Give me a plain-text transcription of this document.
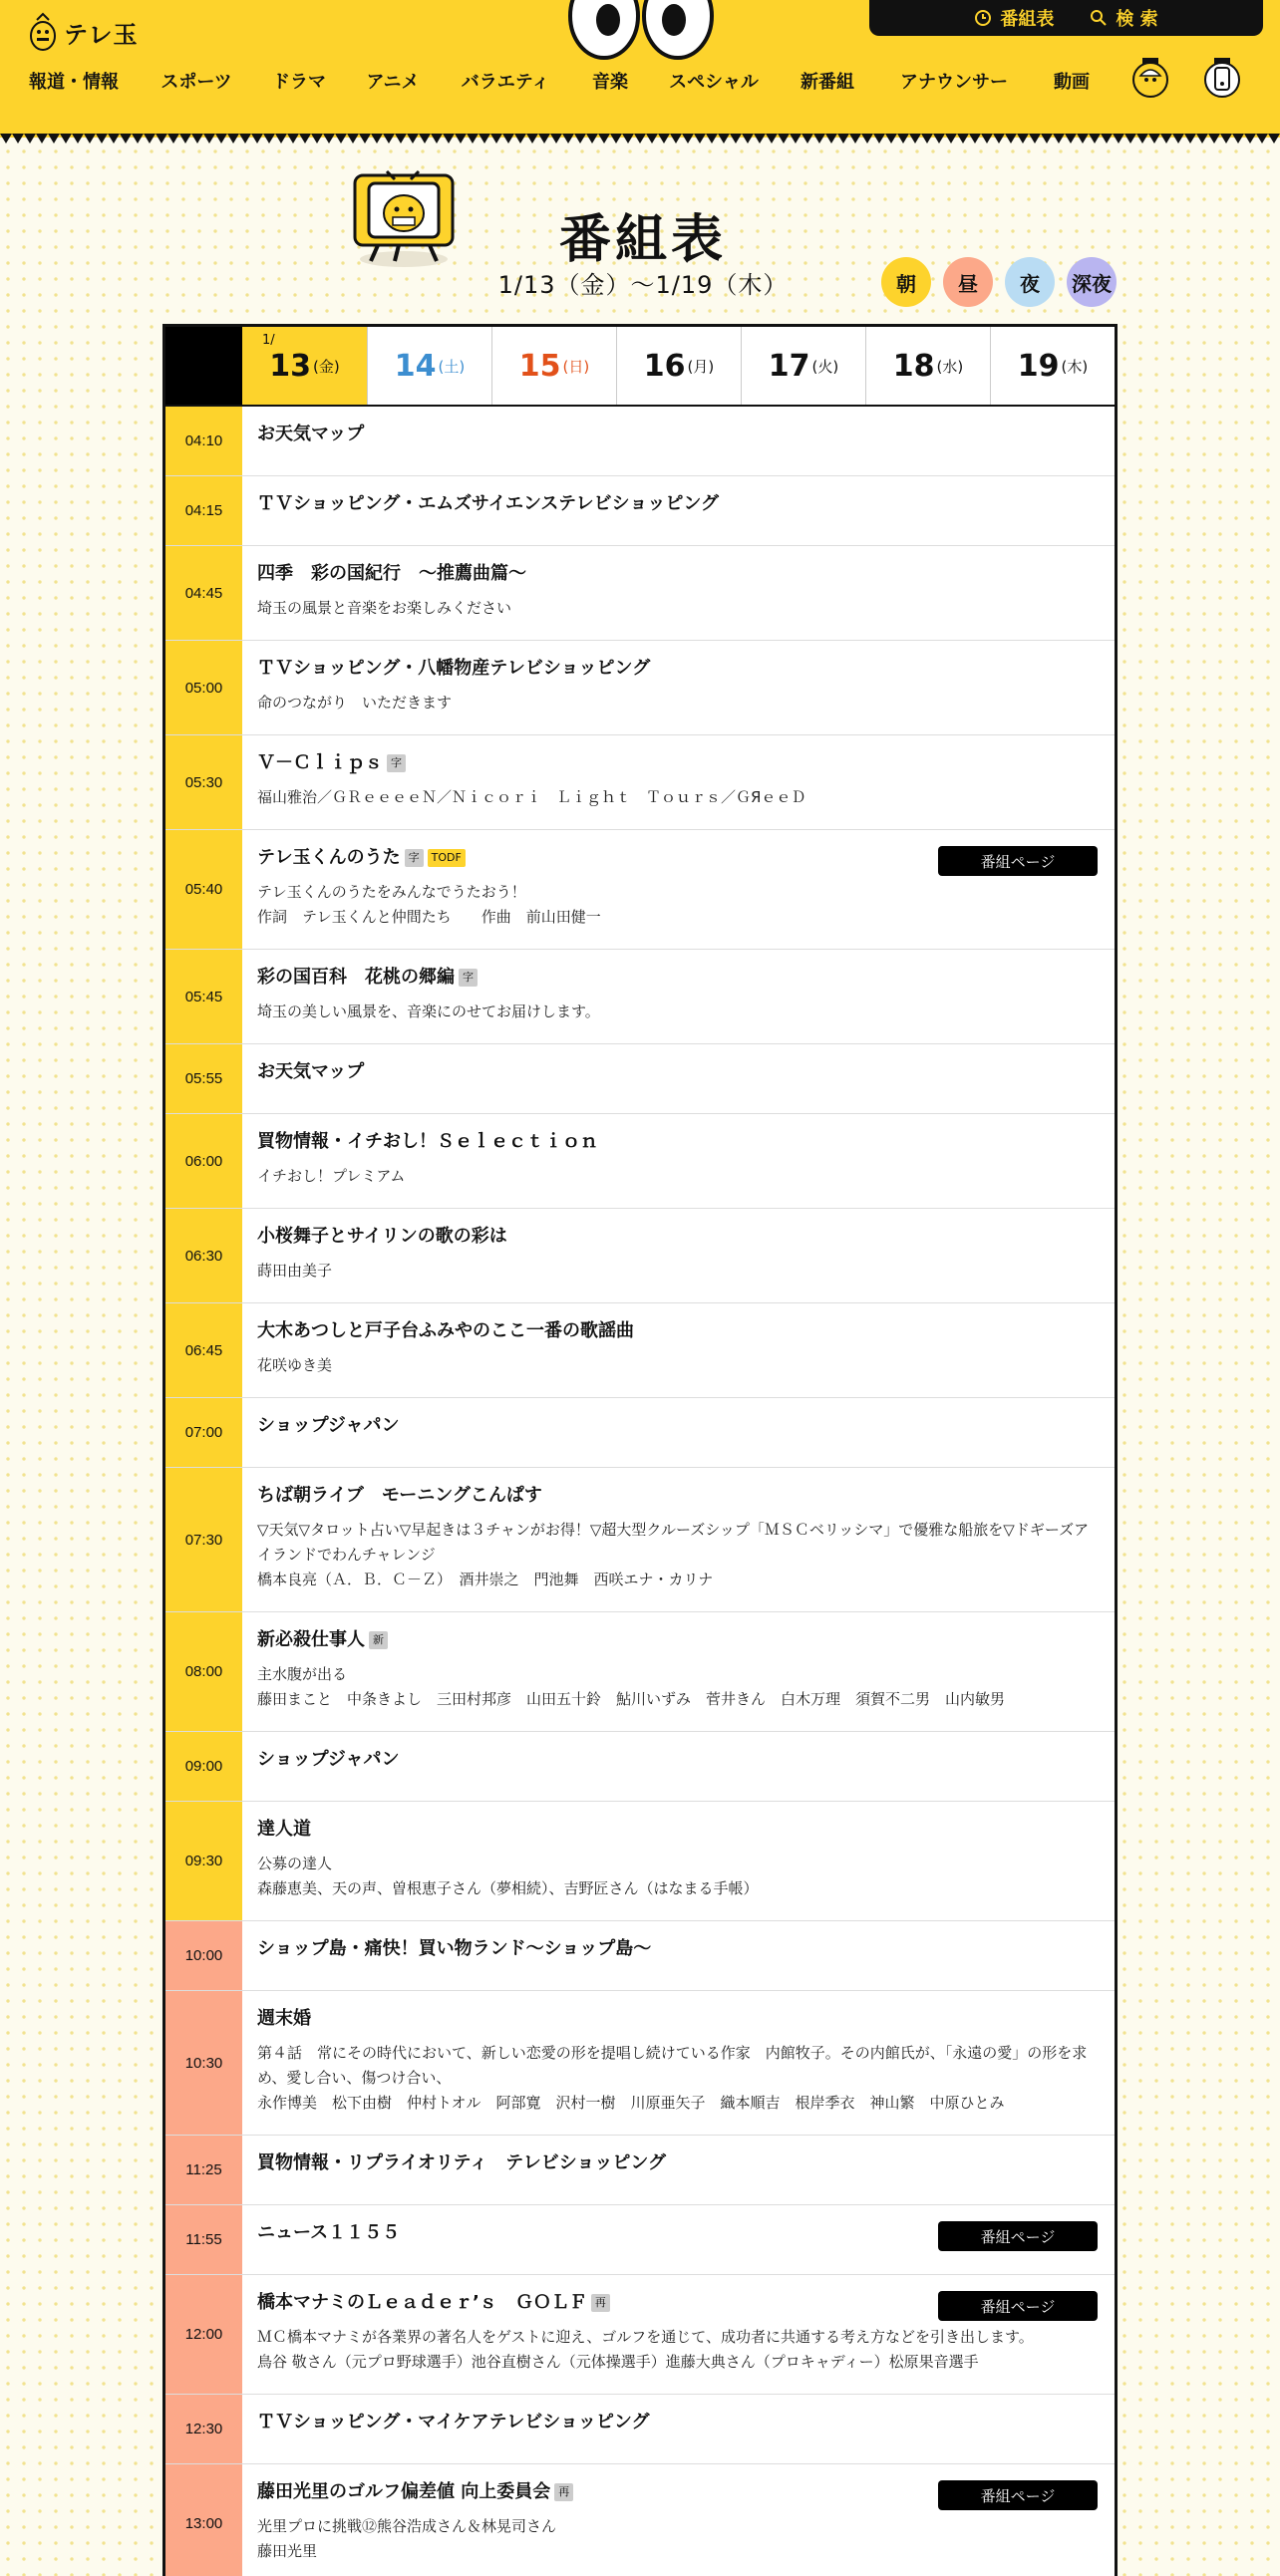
テレ玉
番組表	検 索
報道・情報 スポーツ ドラマ アニメ バラエティ 音楽 スペシャル 新番組	アナウンサー	動画
番組表
1/13（金）〜1/19（木）	朝 昼 夜 深夜
1/
13 (金) 14 (土) 15 (日) 16 (月) 17 (火) 18 (水) 19 (木)
04:10	お天気マップ
04:15	ＴＶショッピング・エムズサイエンステレビショッピング
04:45
四季　彩の国紀行　～推薦曲篇～
埼玉の風景と音楽をお楽しみください
05:00
ＴＶショッピング・八幡物産テレビショッピング
命のつながり　いただきます
05:30
Ｖ－Ｃｌｉｐｓ 字
福山雅治／ＧＲｅｅｅｅＮ／Ｎｉｃｏｒｉ　Ｌｉｇｈｔ　Ｔｏｕｒｓ／ＧЯｅｅＤ
05:40
テレ玉くんのうた 字	TODF
テレ玉くんのうたをみんなでうたおう！
作詞　テレ玉くんと仲間たち　　作曲　前山田健一
番組ページ
05:45
彩の国百科　花桃の郷編 字
埼玉の美しい風景を、音楽にのせてお届けします。
05:55	お天気マップ
06:00
買物情報・イチおし！Ｓｅｌｅｃｔｉｏｎ
イチおし！プレミアム
06:30
小桜舞子とサイリンの歌の彩は
蒔田由美子
06:45
大木あつしと戸子台ふみやのここ一番の歌謡曲
花咲ゆき美
07:00	ショップジャパン
07:30
ちば朝ライブ　モーニングこんぱす
▽天気▽タロット占い▽早起きは３チャンがお得！▽超大型クルーズシップ「ＭＳＣベリッシマ」で優雅な船旅を▽ドギーズアイランドでわんチャレンジ
橋本良亮（Ａ．Ｂ．Ｃ－Ｚ）　酒井崇之　門池舞　西咲エナ・カリナ
08:00
新必殺仕事人 新
主水腹が出る
藤田まこと　中条きよし　三田村邦彦　山田五十鈴　鮎川いずみ　菅井きん　白木万理　須賀不二男　山内敏男
09:00	ショップジャパン
09:30
達人道
公募の達人
森藤恵美、天の声、曽根恵子さん（夢相続）、吉野匠さん（はなまる手帳）
10:00	ショップ島・痛快！買い物ランド～ショップ島～
10:30
週末婚
第４話　常にその時代において、新しい恋愛の形を提唱し続けている作家　内館牧子。その内館氏が、「永遠の愛」の形を求め、愛し合い、傷つけ合い、
永作博美　松下由樹　仲村トオル　阿部寛　沢村一樹　川原亜矢子　織本順吉　根岸季衣　神山繁　中原ひとみ
11:25	買物情報・リプライオリティ　テレビショッピング
11:55	ニュース１１５５	番組ページ
12:00
橋本マナミのＬｅａｄｅｒ’ｓ　ＧＯＬＦ 再
ＭＣ橋本マナミが各業界の著名人をゲストに迎え、ゴルフを通じて、成功者に共通する考え方などを引き出します。
鳥谷 敬さん（元プロ野球選手）池谷直樹さん（元体操選手）進藤大典さん（プロキャディー）松原果音選手
番組ページ
12:30	ＴＶショッピング・マイケアテレビショッピング
13:00
藤田光里のゴルフ偏差値 向上委員会 再
光里プロに挑戦⑫熊谷浩成さん＆林晃司さん
藤田光里
番組ページ
